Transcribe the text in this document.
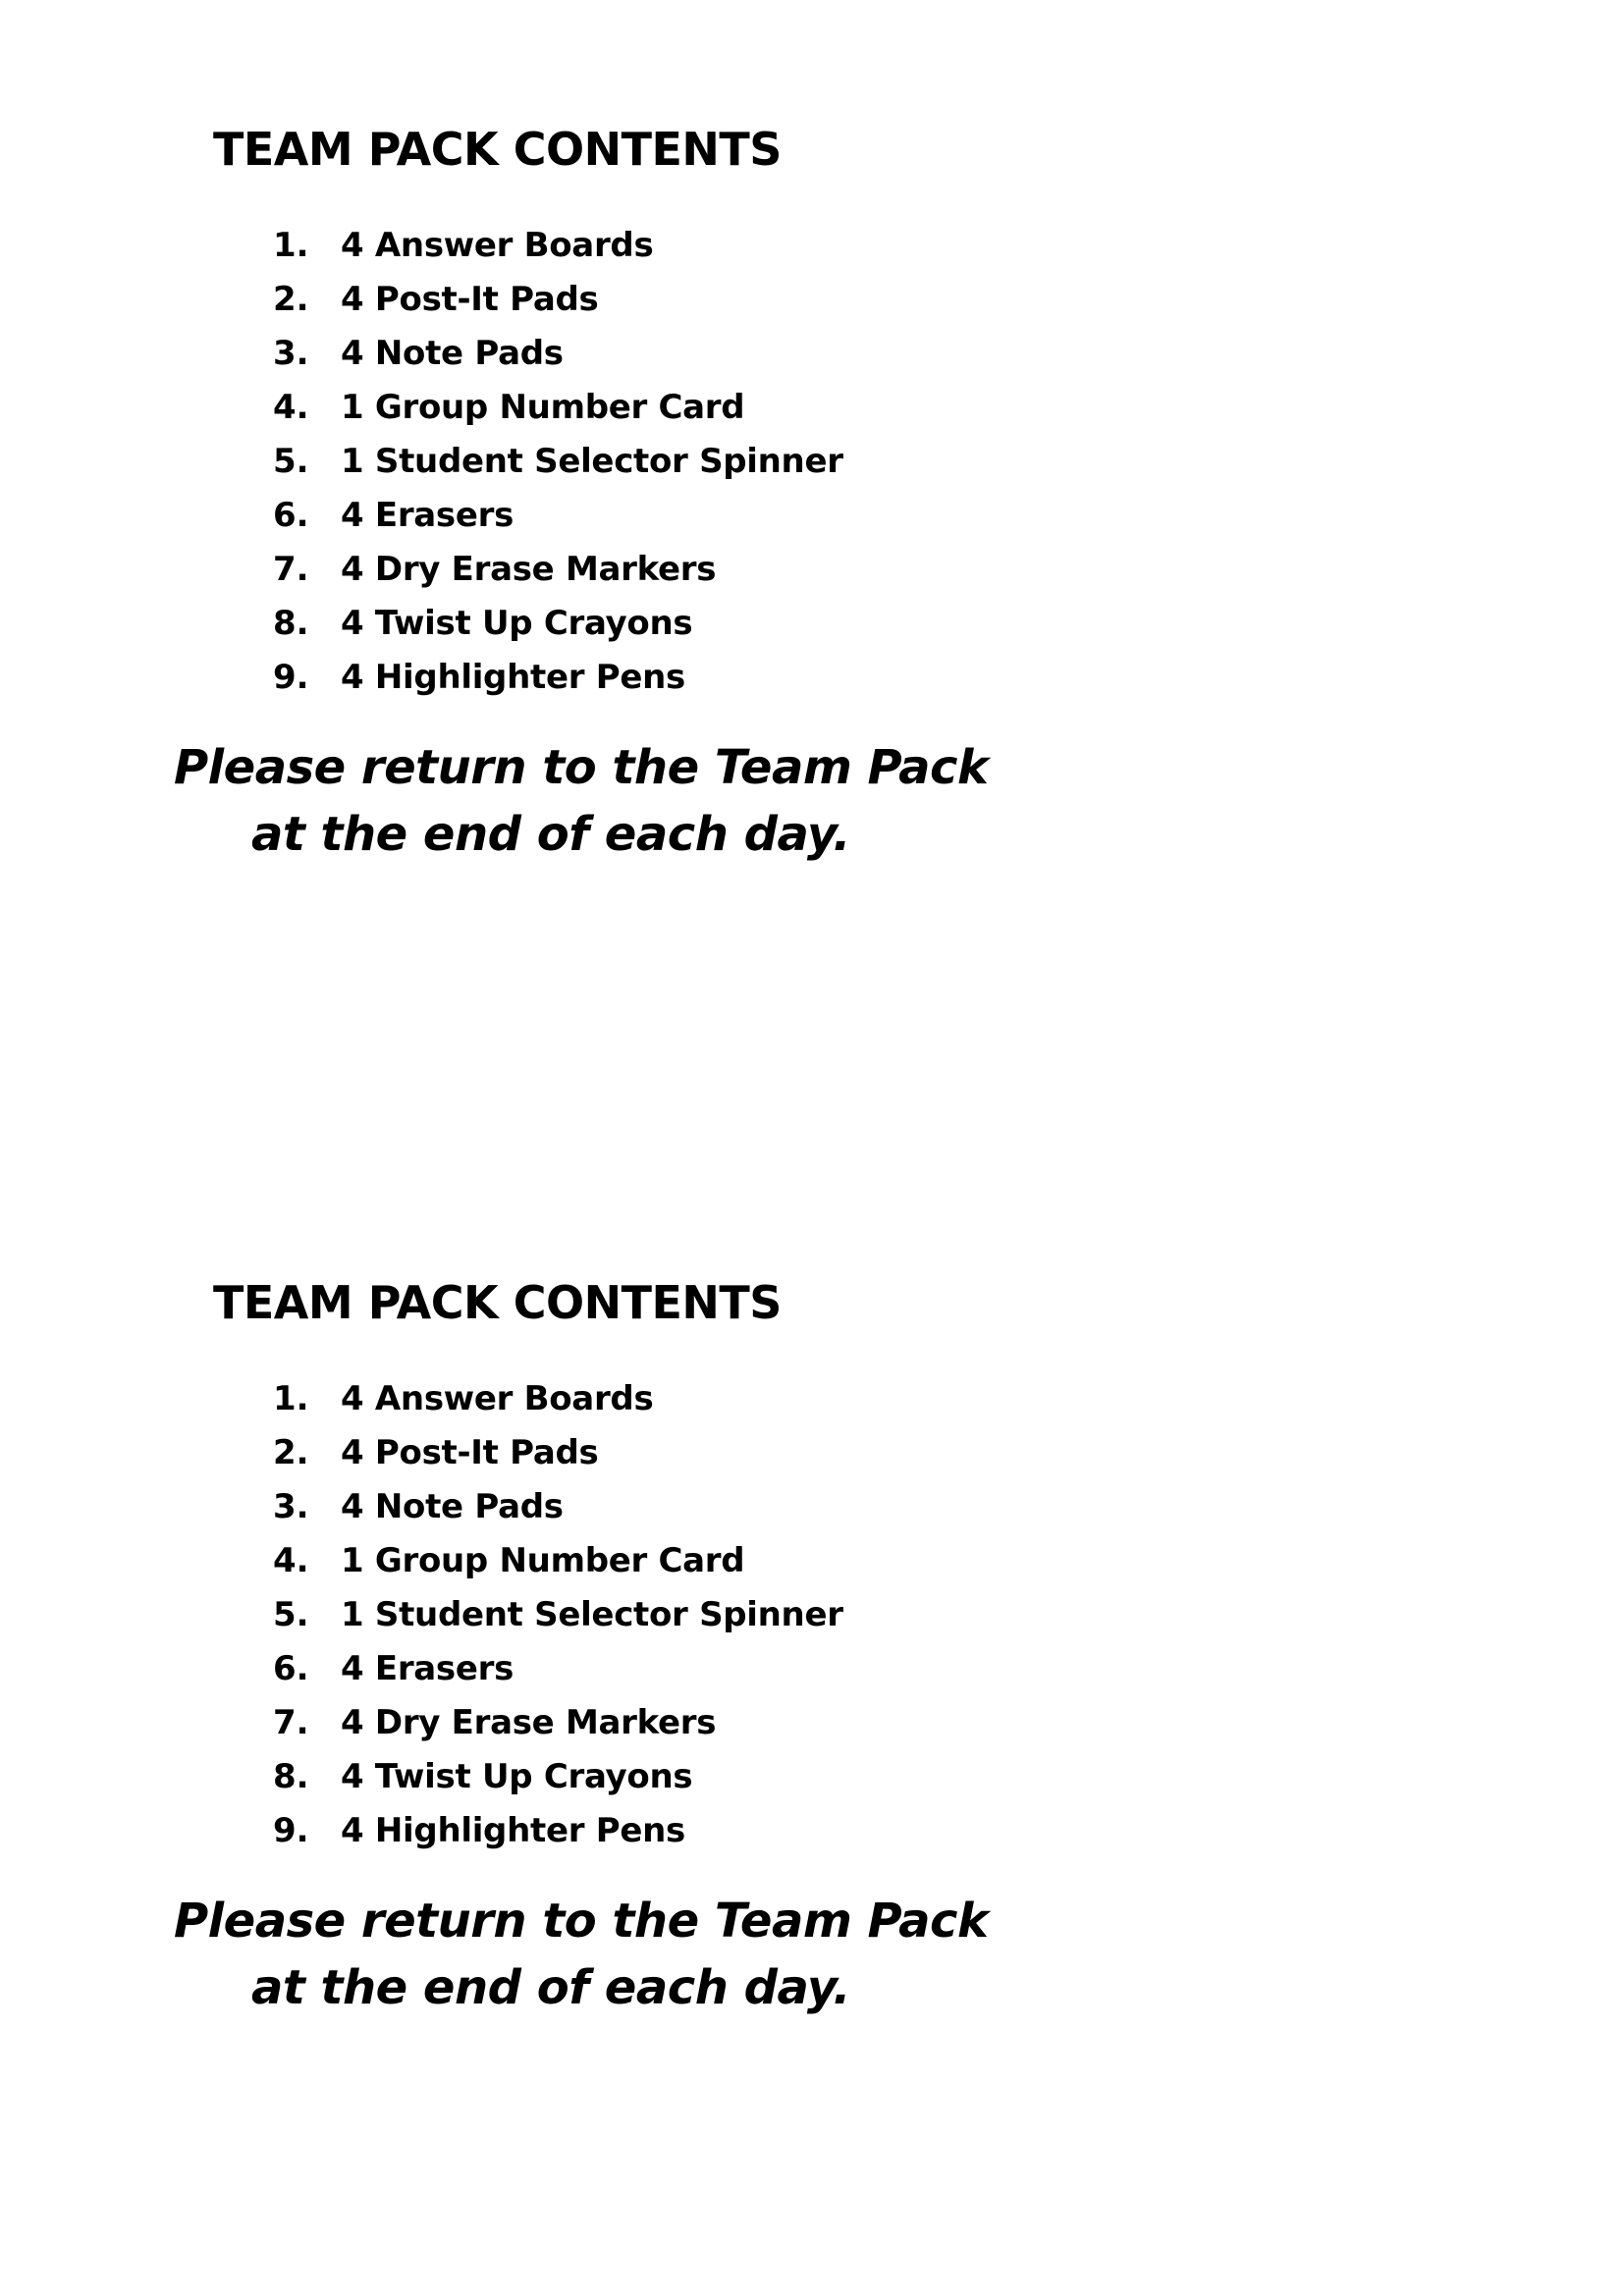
TEAM PACK CONTENTS
1. 4 Answer Boards
2. 4 Post-It Pads
3. 4 Note Pads
4. 1 Group Number Card
5. 1 Student Selector Spinner
6. 4 Erasers
7. 4 Dry Erase Markers
8. 4 Twist Up Crayons
9. 4 Highlighter Pens

Please return to the Team Pack
at the end of each day.

TEAM PACK CONTENTS
1. 4 Answer Boards
2. 4 Post-It Pads
3. 4 Note Pads
4. 1 Group Number Card
5. 1 Student Selector Spinner
6. 4 Erasers
7. 4 Dry Erase Markers
8. 4 Twist Up Crayons
9. 4 Highlighter Pens

Please return to the Team Pack
at the end of each day.
